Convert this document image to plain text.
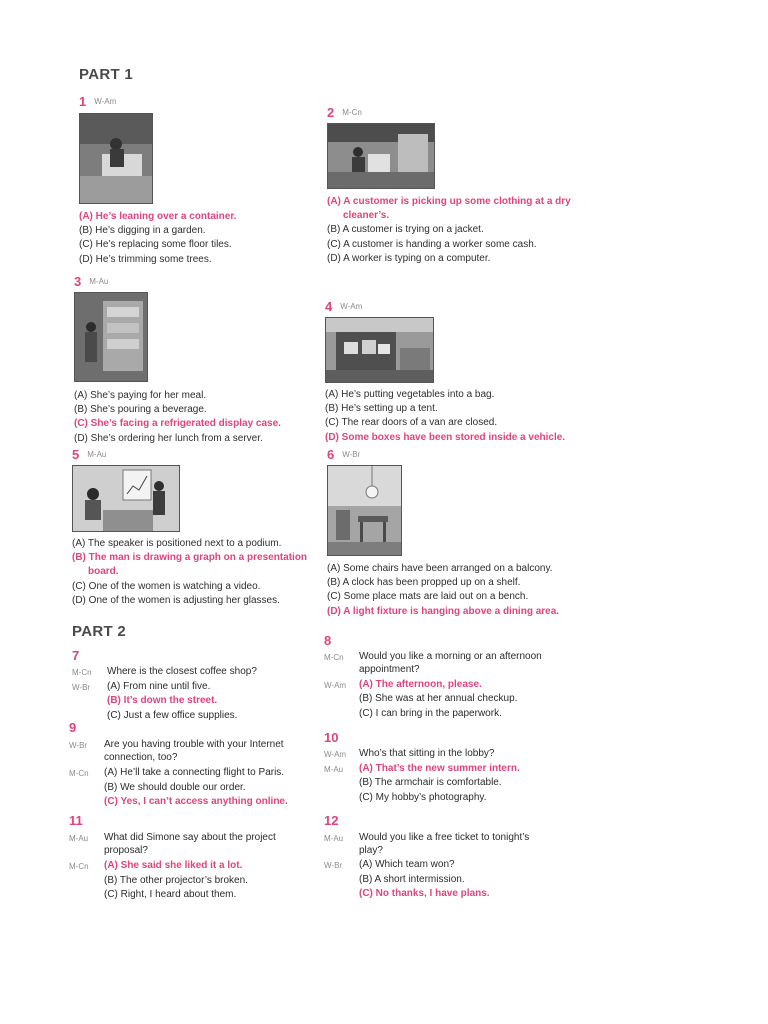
PART 1
1 W-Am
(A) He’s leaning over a container.
(B) He’s digging in a garden.
(C) He’s replacing some floor tiles.
(D) He’s trimming some trees.
2 M-Cn
(A) A customer is picking up some clothing at a dry
cleaner’s.
(B) A customer is trying on a jacket.
(C) A customer is handing a worker some cash.
(D) A worker is typing on a computer.
3 M-Au
(A) She’s paying for her meal.
(B) She’s pouring a beverage.
(C) She’s facing a refrigerated display case.
(D) She’s ordering her lunch from a server.
4 W-Am
(A) He’s putting vegetables into a bag.
(B) He’s setting up a tent.
(C) The rear doors of a van are closed.
(D) Some boxes have been stored inside a vehicle.
5 M-Au
(A) The speaker is positioned next to a podium.
(B) The man is drawing a graph on a presentation
board.
(C) One of the women is watching a video.
(D) One of the women is adjusting her glasses.
6 W-Br
(A) Some chairs have been arranged on a balcony.
(B) A clock has been propped up on a shelf.
(C) Some place mats are laid out on a bench.
(D) A light fixture is hanging above a dining area.
PART 2
7
M-Cn	Where is the closest coffee shop?
W-Br	(A) From nine until five.
(B) It’s down the street.
(C) Just a few office supplies.
8
M-Cn	Would you like a morning or an afternoon
appointment?
W-Am	(A) The afternoon, please.
(B) She was at her annual checkup.
(C) I can bring in the paperwork.
9
W-Br	Are you having trouble with your Internet
connection, too?
M-Cn	(A) He’ll take a connecting flight to Paris.
(B) We should double our order.
(C) Yes, I can’t access anything online.
10
W-Am	Who’s that sitting in the lobby?
M-Au	(A) That’s the new summer intern.
(B) The armchair is comfortable.
(C) My hobby’s photography.
11
M-Au	What did Simone say about the project
proposal?
M-Cn	(A) She said she liked it a lot.
(B) The other projector’s broken.
(C) Right, I heard about them.
12
M-Au	Would you like a free ticket to tonight’s
play?
W-Br	(A) Which team won?
(B) A short intermission.
(C) No thanks, I have plans.
